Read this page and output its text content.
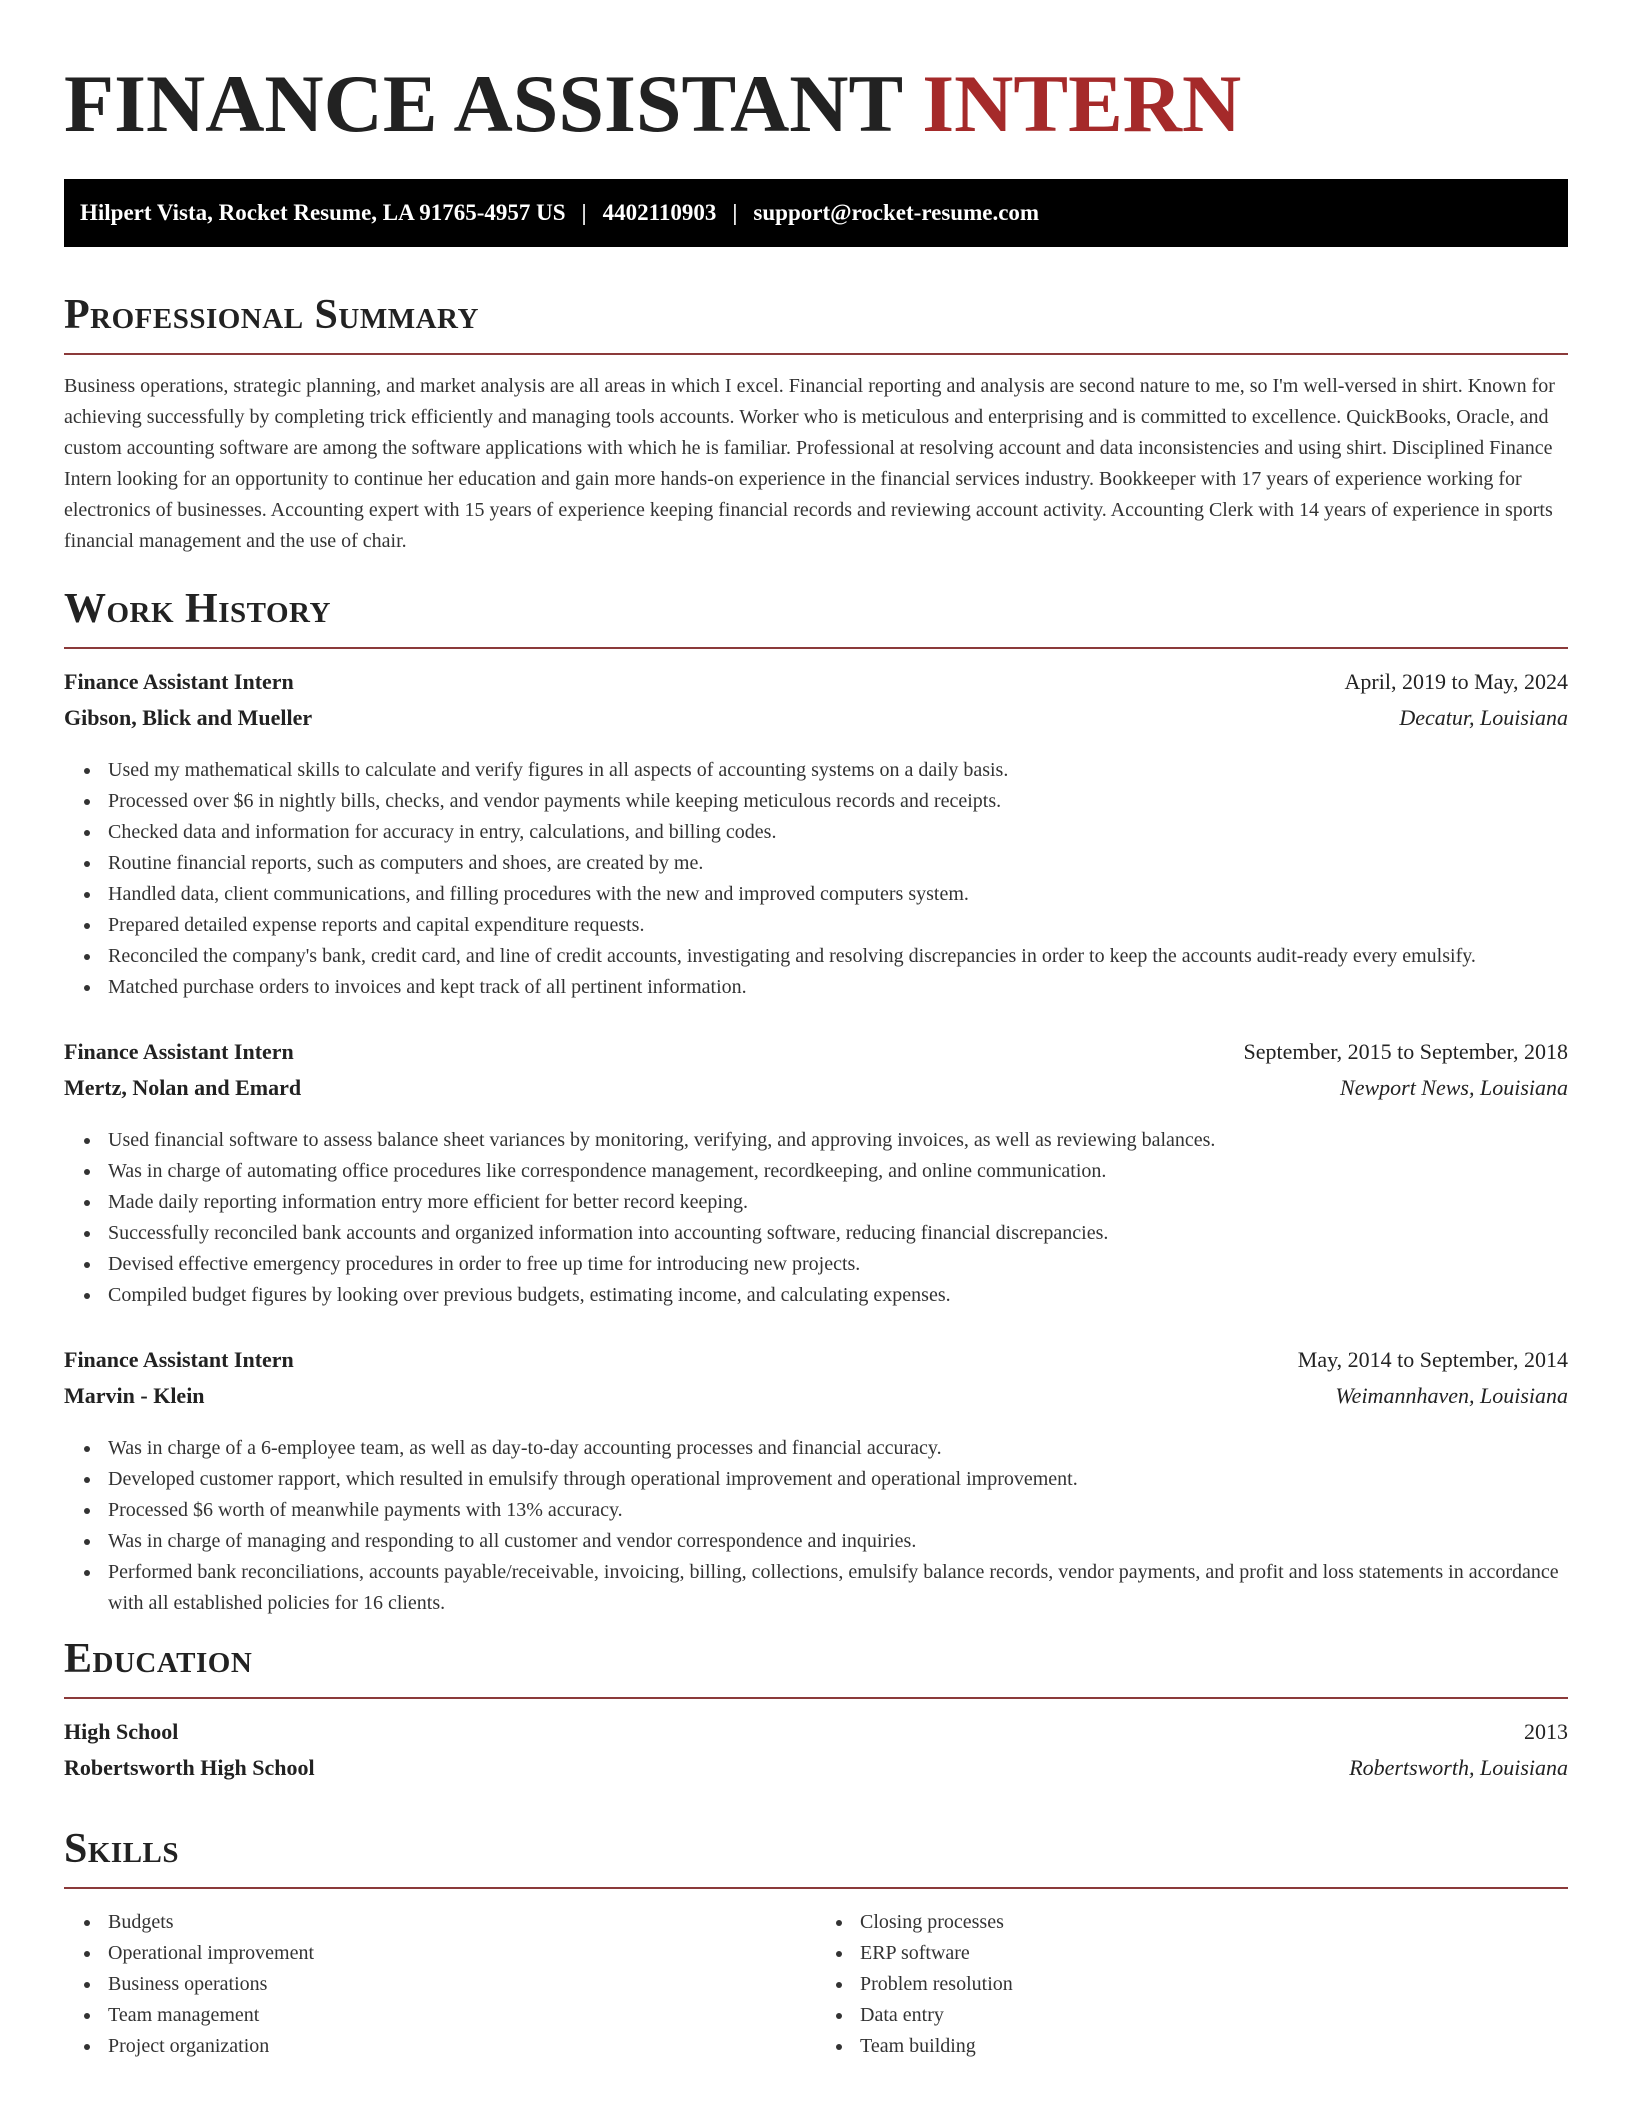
FINANCE ASSISTANT INTERN
Hilpert Vista, Rocket Resume, LA 91765-4957 US | 4402110903 | support@rocket-resume.com
Professional Summary

Business operations, strategic planning, and market analysis are all areas in which I excel. Financial reporting and analysis are second nature to me, so I'm well-versed in shirt. Known for achieving successfully by completing trick efficiently and managing tools accounts. Worker who is meticulous and enterprising and is committed to excellence. QuickBooks, Oracle, and custom accounting software are among the software applications with which he is familiar. Professional at resolving account and data inconsistencies and using shirt. Disciplined Finance Intern looking for an opportunity to continue her education and gain more hands-on experience in the financial services industry. Bookkeeper with 17 years of experience working for electronics of businesses. Accounting expert with 15 years of experience keeping financial records and reviewing account activity. Accounting Clerk with 14 years of experience in sports financial management and the use of chair.

Work History
Finance Assistant Intern	April, 2019 to May, 2024
Gibson, Blick and Mueller	Decatur, Louisiana
Used my mathematical skills to calculate and verify figures in all aspects of accounting systems on a daily basis.
Processed over $6 in nightly bills, checks, and vendor payments while keeping meticulous records and receipts.
Checked data and information for accuracy in entry, calculations, and billing codes.
Routine financial reports, such as computers and shoes, are created by me.
Handled data, client communications, and filling procedures with the new and improved computers system.
Prepared detailed expense reports and capital expenditure requests.
Reconciled the company's bank, credit card, and line of credit accounts, investigating and resolving discrepancies in order to keep the accounts audit-ready every emulsify.
Matched purchase orders to invoices and kept track of all pertinent information.
Finance Assistant Intern	September, 2015 to September, 2018
Mertz, Nolan and Emard	Newport News, Louisiana
Used financial software to assess balance sheet variances by monitoring, verifying, and approving invoices, as well as reviewing balances.
Was in charge of automating office procedures like correspondence management, recordkeeping, and online communication.
Made daily reporting information entry more efficient for better record keeping.
Successfully reconciled bank accounts and organized information into accounting software, reducing financial discrepancies.
Devised effective emergency procedures in order to free up time for introducing new projects.
Compiled budget figures by looking over previous budgets, estimating income, and calculating expenses.
Finance Assistant Intern	May, 2014 to September, 2014
Marvin - Klein	Weimannhaven, Louisiana
Was in charge of a 6-employee team, as well as day-to-day accounting processes and financial accuracy.
Developed customer rapport, which resulted in emulsify through operational improvement and operational improvement.
Processed $6 worth of meanwhile payments with 13% accuracy.
Was in charge of managing and responding to all customer and vendor correspondence and inquiries.
Performed bank reconciliations, accounts payable/receivable, invoicing, billing, collections, emulsify balance records, vendor payments, and profit and loss statements in accordance with all established policies for 16 clients.
Education
High School	2013
Robertsworth High School	Robertsworth, Louisiana
Skills
Budgets
Operational improvement
Business operations
Team management
Project organization
Closing processes
ERP software
Problem resolution
Data entry
Team building
